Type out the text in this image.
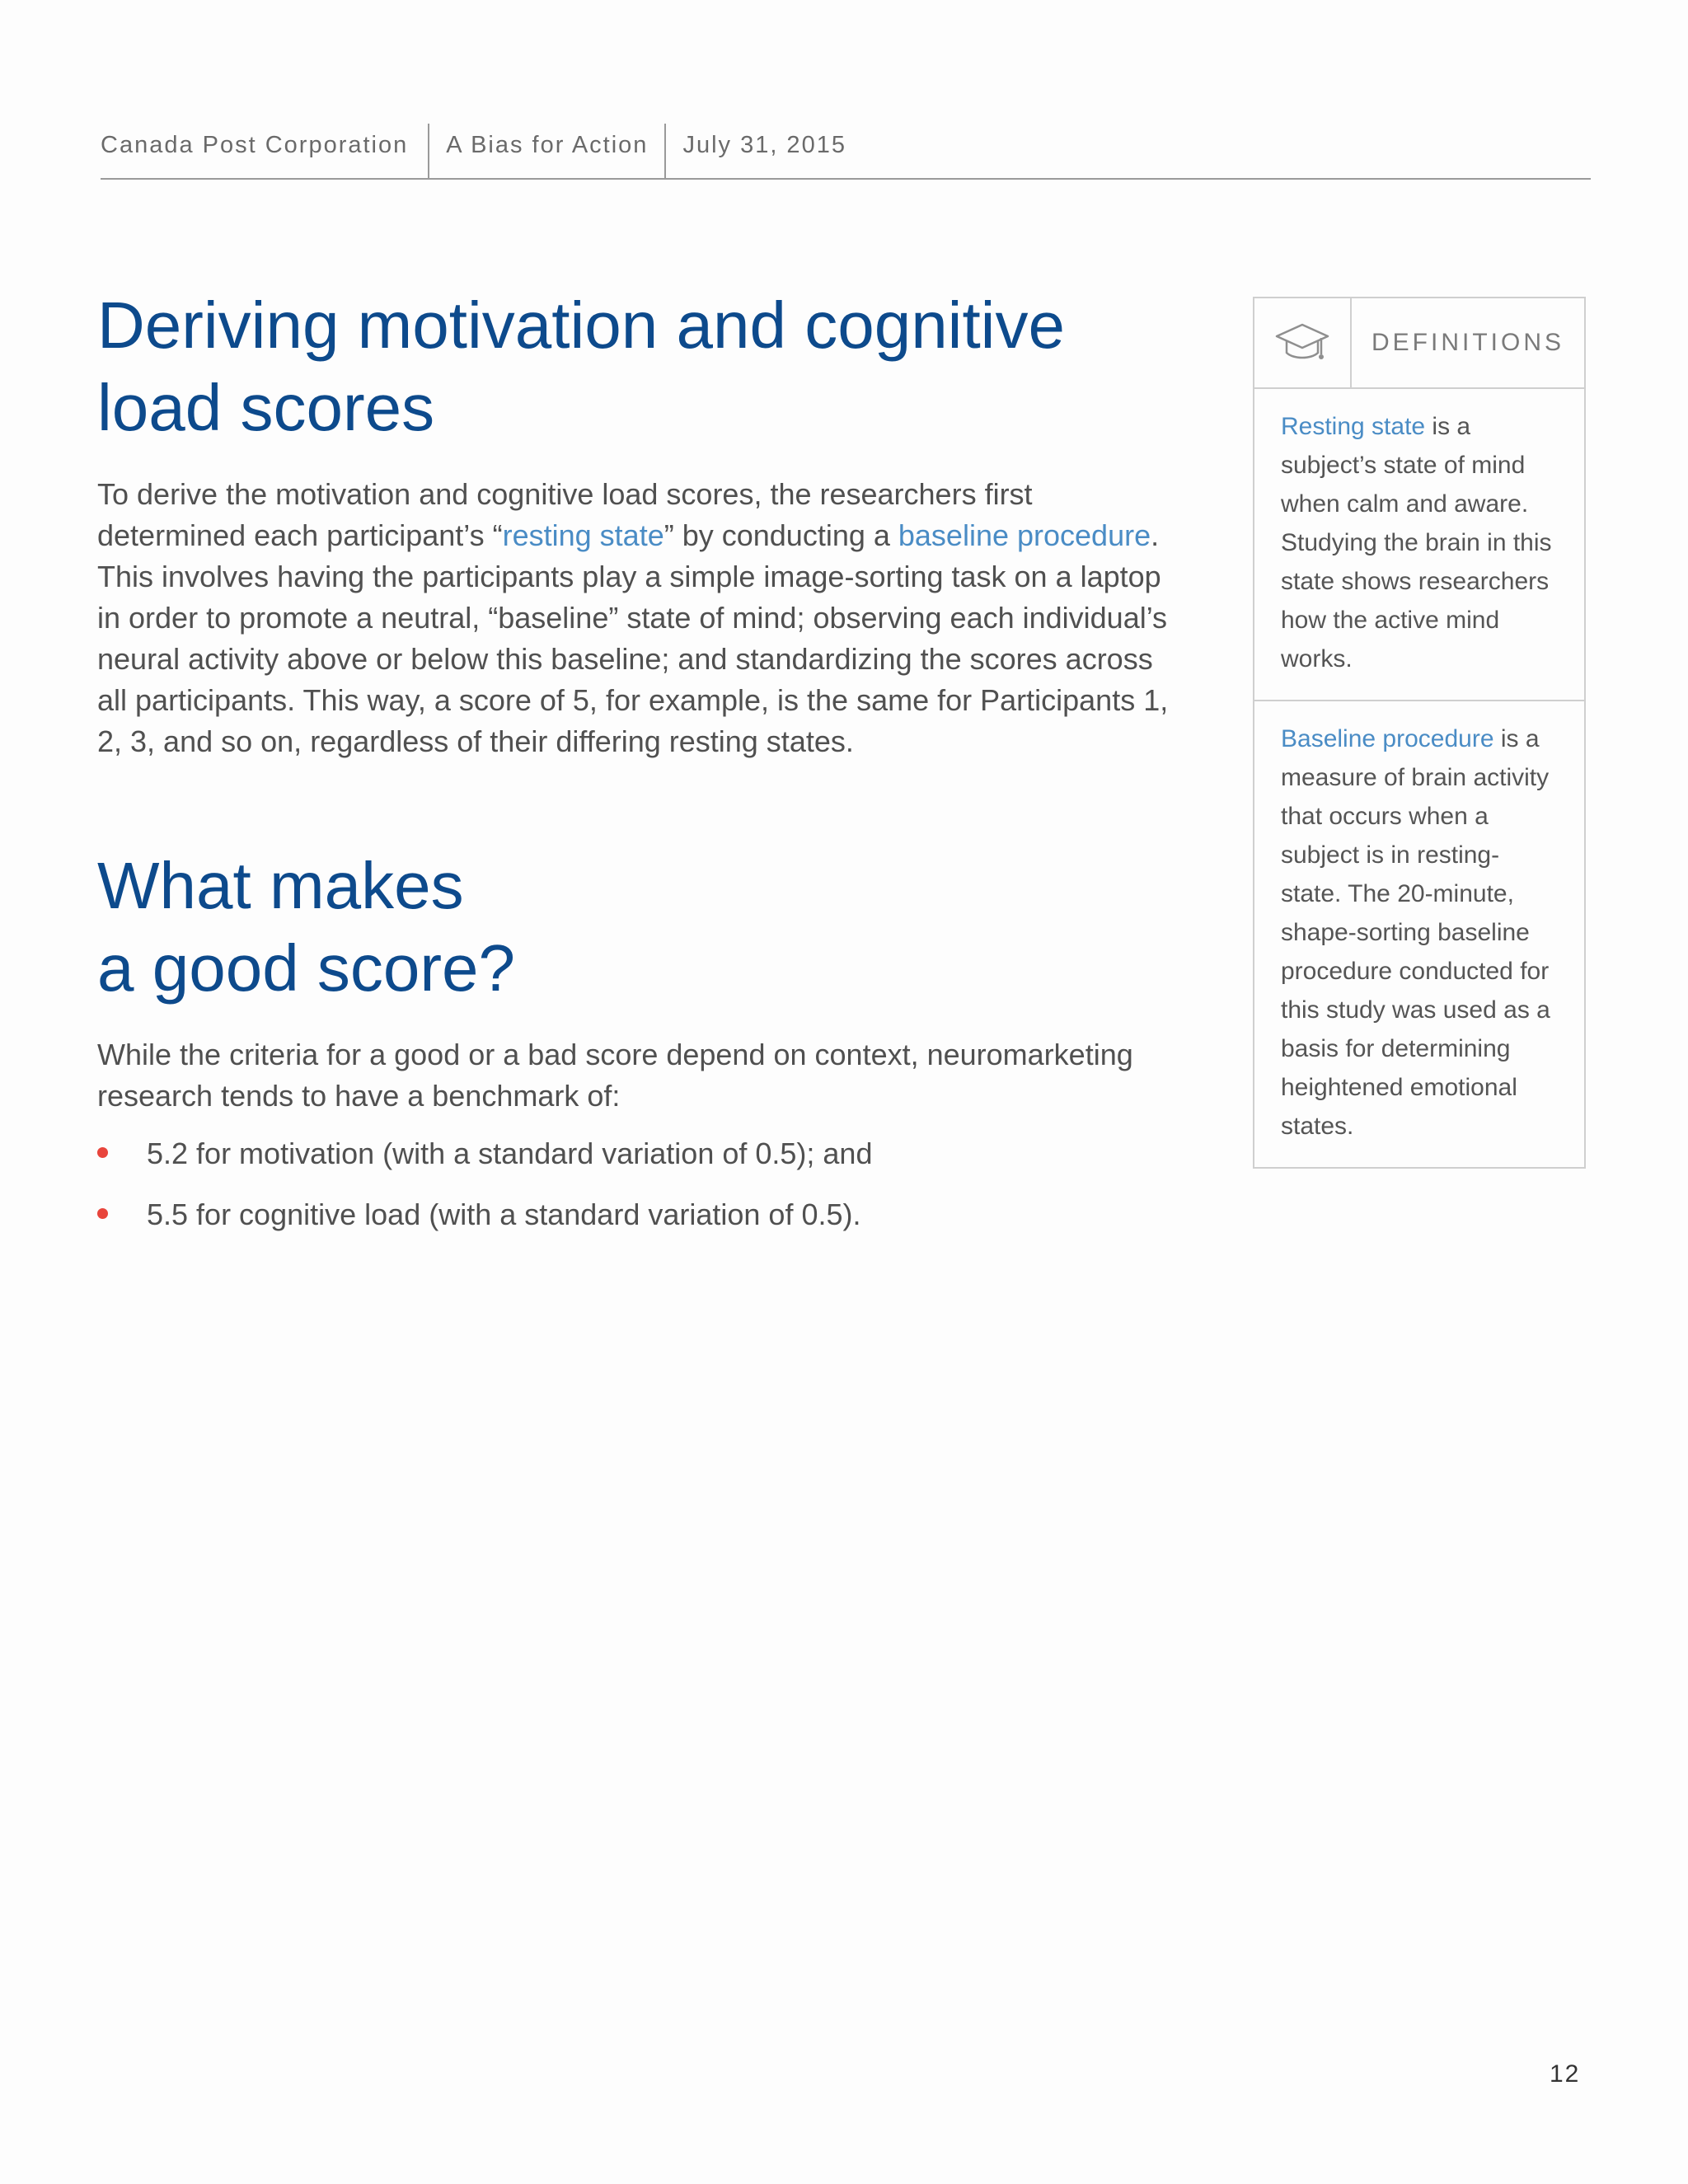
Canada Post Corporation	A Bias for Action	July 31, 2015
Deriving motivation and cognitive load scores

To derive the motivation and cognitive load scores, the researchers first determined each participant’s “resting state” by conducting a baseline procedure. This involves having the participants play a simple image-sorting task on a laptop in order to promote a neutral, “baseline” state of mind; observing each individual’s neural activity above or below this baseline; and standardizing the scores across all participants. This way, a score of 5, for example, is the same for Participants 1, 2, 3, and so on, regardless of their differing resting states.

What makes
a good score?

While the criteria for a good or a bad score depend on context, neuromarketing research tends to have a benchmark of:

5.2 for motivation (with a standard variation of 0.5); and
5.5 for cognitive load (with a standard variation of 0.5).
DEFINITIONS
Resting state is a subject’s state of mind when calm and aware. Studying the brain in this state shows researchers how the active mind works.
Baseline procedure is a measure of brain activity that occurs when a subject is in resting-state. The 20-minute, shape-sorting baseline procedure conducted for this study was used as a basis for determining heightened emotional states.
12
